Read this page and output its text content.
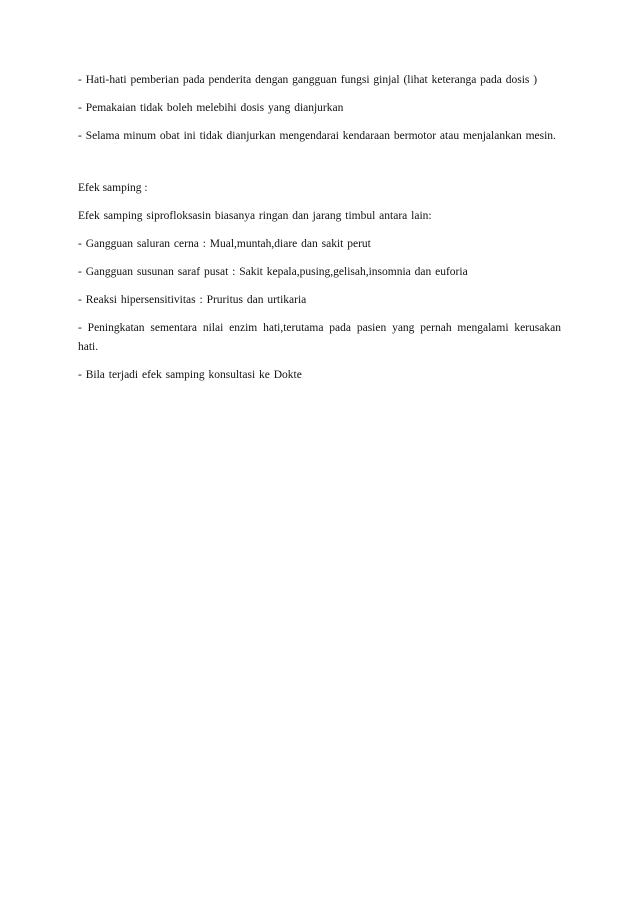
- Hati-hati pemberian pada penderita dengan gangguan fungsi ginjal (lihat keteranga pada dosis )

- Pemakaian tidak boleh melebihi dosis yang dianjurkan

- Selama minum obat ini tidak dianjurkan mengendarai kendaraan bermotor atau menjalankan mesin.

Efek samping :

Efek samping siprofloksasin biasanya ringan dan jarang timbul antara lain:

- Gangguan saluran cerna : Mual,muntah,diare dan sakit perut

- Gangguan susunan saraf pusat : Sakit kepala,pusing,gelisah,insomnia dan euforia

- Reaksi hipersensitivitas : Pruritus dan urtikaria

- Peningkatan sementara nilai enzim hati,terutama pada pasien yang pernah mengalami kerusakan hati.

- Bila terjadi efek samping konsultasi ke Dokte
